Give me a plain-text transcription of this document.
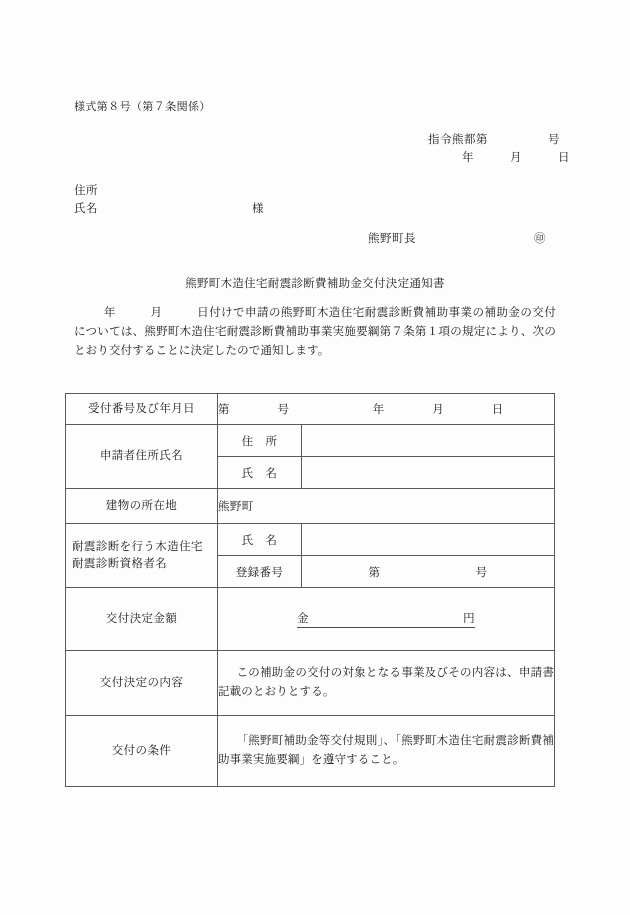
様式第８号（第７条関係）
指令熊都第　　　　　号
年　　　月　　　日
住所
氏名	様
熊野町長	㊞
熊野町木造住宅耐震診断費補助金交付決定通知書
年　　　月　　　日付けで申請の熊野町木造住宅耐震診断費補助事業の補助金の交付については、熊野町木造住宅耐震診断費補助事業実施要綱第７条第１項の規定により、次のとおり交付することに決定したので通知します。
受付番号及び年月日	第　　　　号　　　　　　　年　　　　月　　　　日	
申請者住所氏名	住　所	
	氏　名	
建物の所在地	熊野町	
耐震診断を行う木造住宅
耐震診断資格者名	氏　名	
	登録番号	第　　　　　　　　号
交付決定金額	金 円	

交付決定の内容	この補助金の交付の対象となる事業及びその内容は、申請書記載のとおりとする。	
交付の条件	「熊野町補助金等交付規則」、「熊野町木造住宅耐震診断費補助事業実施要綱」を遵守すること。	
